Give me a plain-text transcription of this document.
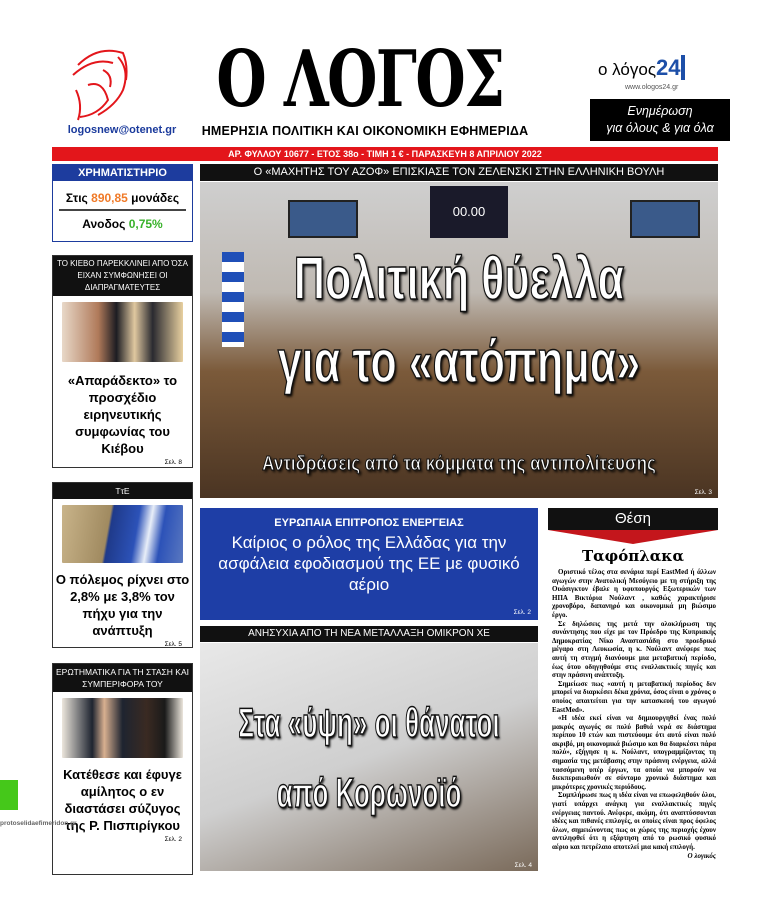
logosnew@otenet.gr
Ο ΛΟΓΟΣ
ΗΜΕΡΗΣΙΑ ΠΟΛΙΤΙΚΗ ΚΑΙ ΟΙΚΟΝΟΜΙΚΗ ΕΦΗΜΕΡΙΔΑ
ο λόγος24
www.ologos24.gr
Ενημέρωση
για όλους & για όλα
ΑΡ. ΦΥΛΛΟΥ 10677 - ΕΤΟΣ 38ο - ΤΙΜΗ 1 € - ΠΑΡΑΣΚΕΥΗ 8 ΑΠΡΙΛΙΟΥ 2022
ΧΡΗΜΑΤΙΣΤΗΡΙΟ
Στις 890,85 μονάδες
Ανοδος 0,75%
ΤΟ ΚΙΕΒΟ ΠΑΡΕΚΚΛΙΝΕΙ ΑΠΟ ΌΣΑ ΕΙΧΑΝ ΣΥΜΦΩΝΗΣΕΙ ΟΙ ΔΙΑΠΡΑΓΜΑΤΕΥΤΕΣ
«Απαράδεκτο» το προσχέδιο ειρηνευτικής συμφωνίας του Κιέβου
Σελ. 8
ΤτΕ
Ο πόλεμος ρίχνει στο 2,8% με 3,8% τον πήχυ για την ανάπτυξη
Σελ. 5
ΕΡΩΤΗΜΑΤΙΚΑ ΓΙΑ ΤΗ ΣΤΑΣΗ ΚΑΙ ΣΥΜΠΕΡΙΦΟΡΑ ΤΟΥ
Κατέθεσε και έφυγε αμίλητος ο εν διαστάσει σύζυγος της Ρ. Πισπιρίγκου
Σελ. 2
Ο «ΜΑΧΗΤΗΣ ΤΟΥ ΑΖΟΦ» ΕΠΙΣΚΙΑΣΕ ΤΟΝ ΖΕΛΕΝΣΚΙ ΣΤΗΝ ΕΛΛΗΝΙΚΗ ΒΟΥΛΗ
00.00
Πολιτική θύελλα
για το «ατόπημα»
Αντιδράσεις από τα κόμματα της αντιπολίτευσης
Σελ. 3
ΕΥΡΩΠΑΙΑ ΕΠΙΤΡΟΠΟΣ ΕΝΕΡΓΕΙΑΣ
Καίριος ο ρόλος της Ελλάδας για την ασφάλεια εφοδιασμού της ΕΕ με φυσικό αέριο
Σελ. 2
ΑΝΗΣΥΧΙΑ ΑΠΟ ΤΗ ΝΕΑ ΜΕΤΑΛΛΑΞΗ ΟΜΙΚΡΟΝ ΧΕ
Στα «ύψη» οι θάνατοι
από Κορωνοϊό
Σελ. 4
Θέση
Ταφόπλακα

Οριστικό τέλος στα σενάρια περί EastMed ή άλλων αγωγών στην Ανατολική Μεσόγειο με τη στήριξη της Ουάσιγκτον έβαλε η υφυπουργός Εξωτερικών των ΗΠΑ Βικτόρια Νούλαντ , καθώς χαρακτήρισε χρονοβόρο, δαπανηρό και οικονομικά μη βιώσιμο έργο.

Σε δηλώσεις της μετά την ολοκλήρωση της συνάντησης που είχε με τον Πρόεδρο της Κυπριακής Δημοκρατίας Νίκο Αναστασιάδη στο προεδρικό μέγαρο στη Λευκωσία, η κ. Νούλαντ ανέφερε πως αυτή τη στιγμή διανύουμε μια μεταβατική περίοδο, έως ότου οδηγηθούμε στις εναλλακτικές πηγές και στην πράσινη ανάπτυξη.

Σημείωσε πως «αυτή η μεταβατική περίοδος δεν μπορεί να διαρκέσει δέκα χρόνια, όσος είναι ο χρόνος ο οποίος απαιτείται για την κατασκευή του αγωγού EastMed».

«Η ιδέα εκεί είναι να δημιουργηθεί ένας πολύ μακρύς αγωγός σε πολύ βαθιά νερά σε διάστημα περίπου 10 ετών και πιστεύουμε ότι αυτό είναι πολύ ακριβό, μη οικονομικά βιώσιμο και θα διαρκέσει πάρα πολύ», εξήγησε η κ. Νούλαντ, υπογραμμίζοντας τη σημασία της μετάβασης στην πράσινη ενέργεια, αλλά τασσόμενη υπέρ έργων, τα οποία να μπορούν να διεκπεραιωθούν σε σύντομο χρονικό διάστημα και μικρότερες χρονικές περιόδους.

Συμπλήρωσε πως η ιδέα είναι να επωφεληθούν όλοι, γιατί υπάρχει ανάγκη για εναλλακτικές πηγές ενέργειας παντού. Ανέφερε, ακόμη, ότι αναπτύσσονται ιδέες και πιθανές επιλογές, οι οποίες είναι προς όφελος όλων, σημειώνοντας πως οι χώρες της περιοχής έχουν αντιληφθεί ότι η εξάρτηση από το ρωσικό φυσικό αέριο και πετρέλαιο αποτελεί μια κακή επιλογή.

Ο λογικός
protoselidaefimeridon.gr
